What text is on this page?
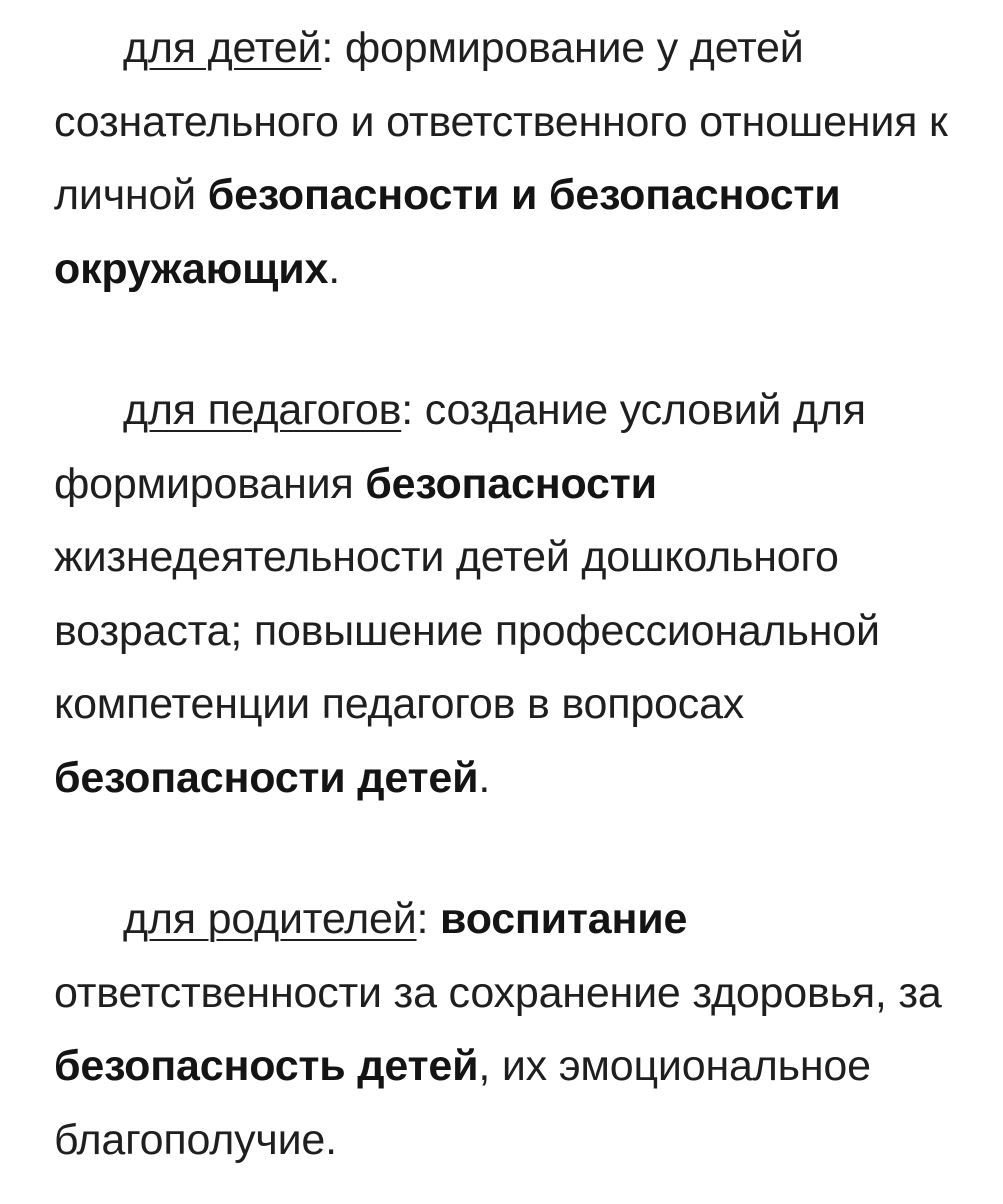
для детей: формирование у детей сознательного и ответственного отношения к личной безопасности и безопасности окружающих.

для педагогов: создание условий для формирования безопасности жизнедеятельности детей дошкольного возраста; повышение профессиональной компетенции педагогов в вопросах безопасности детей.

для родителей: воспитание ответственности за сохранение здоровья, за безопасность детей, их эмоциональное благополучие.
